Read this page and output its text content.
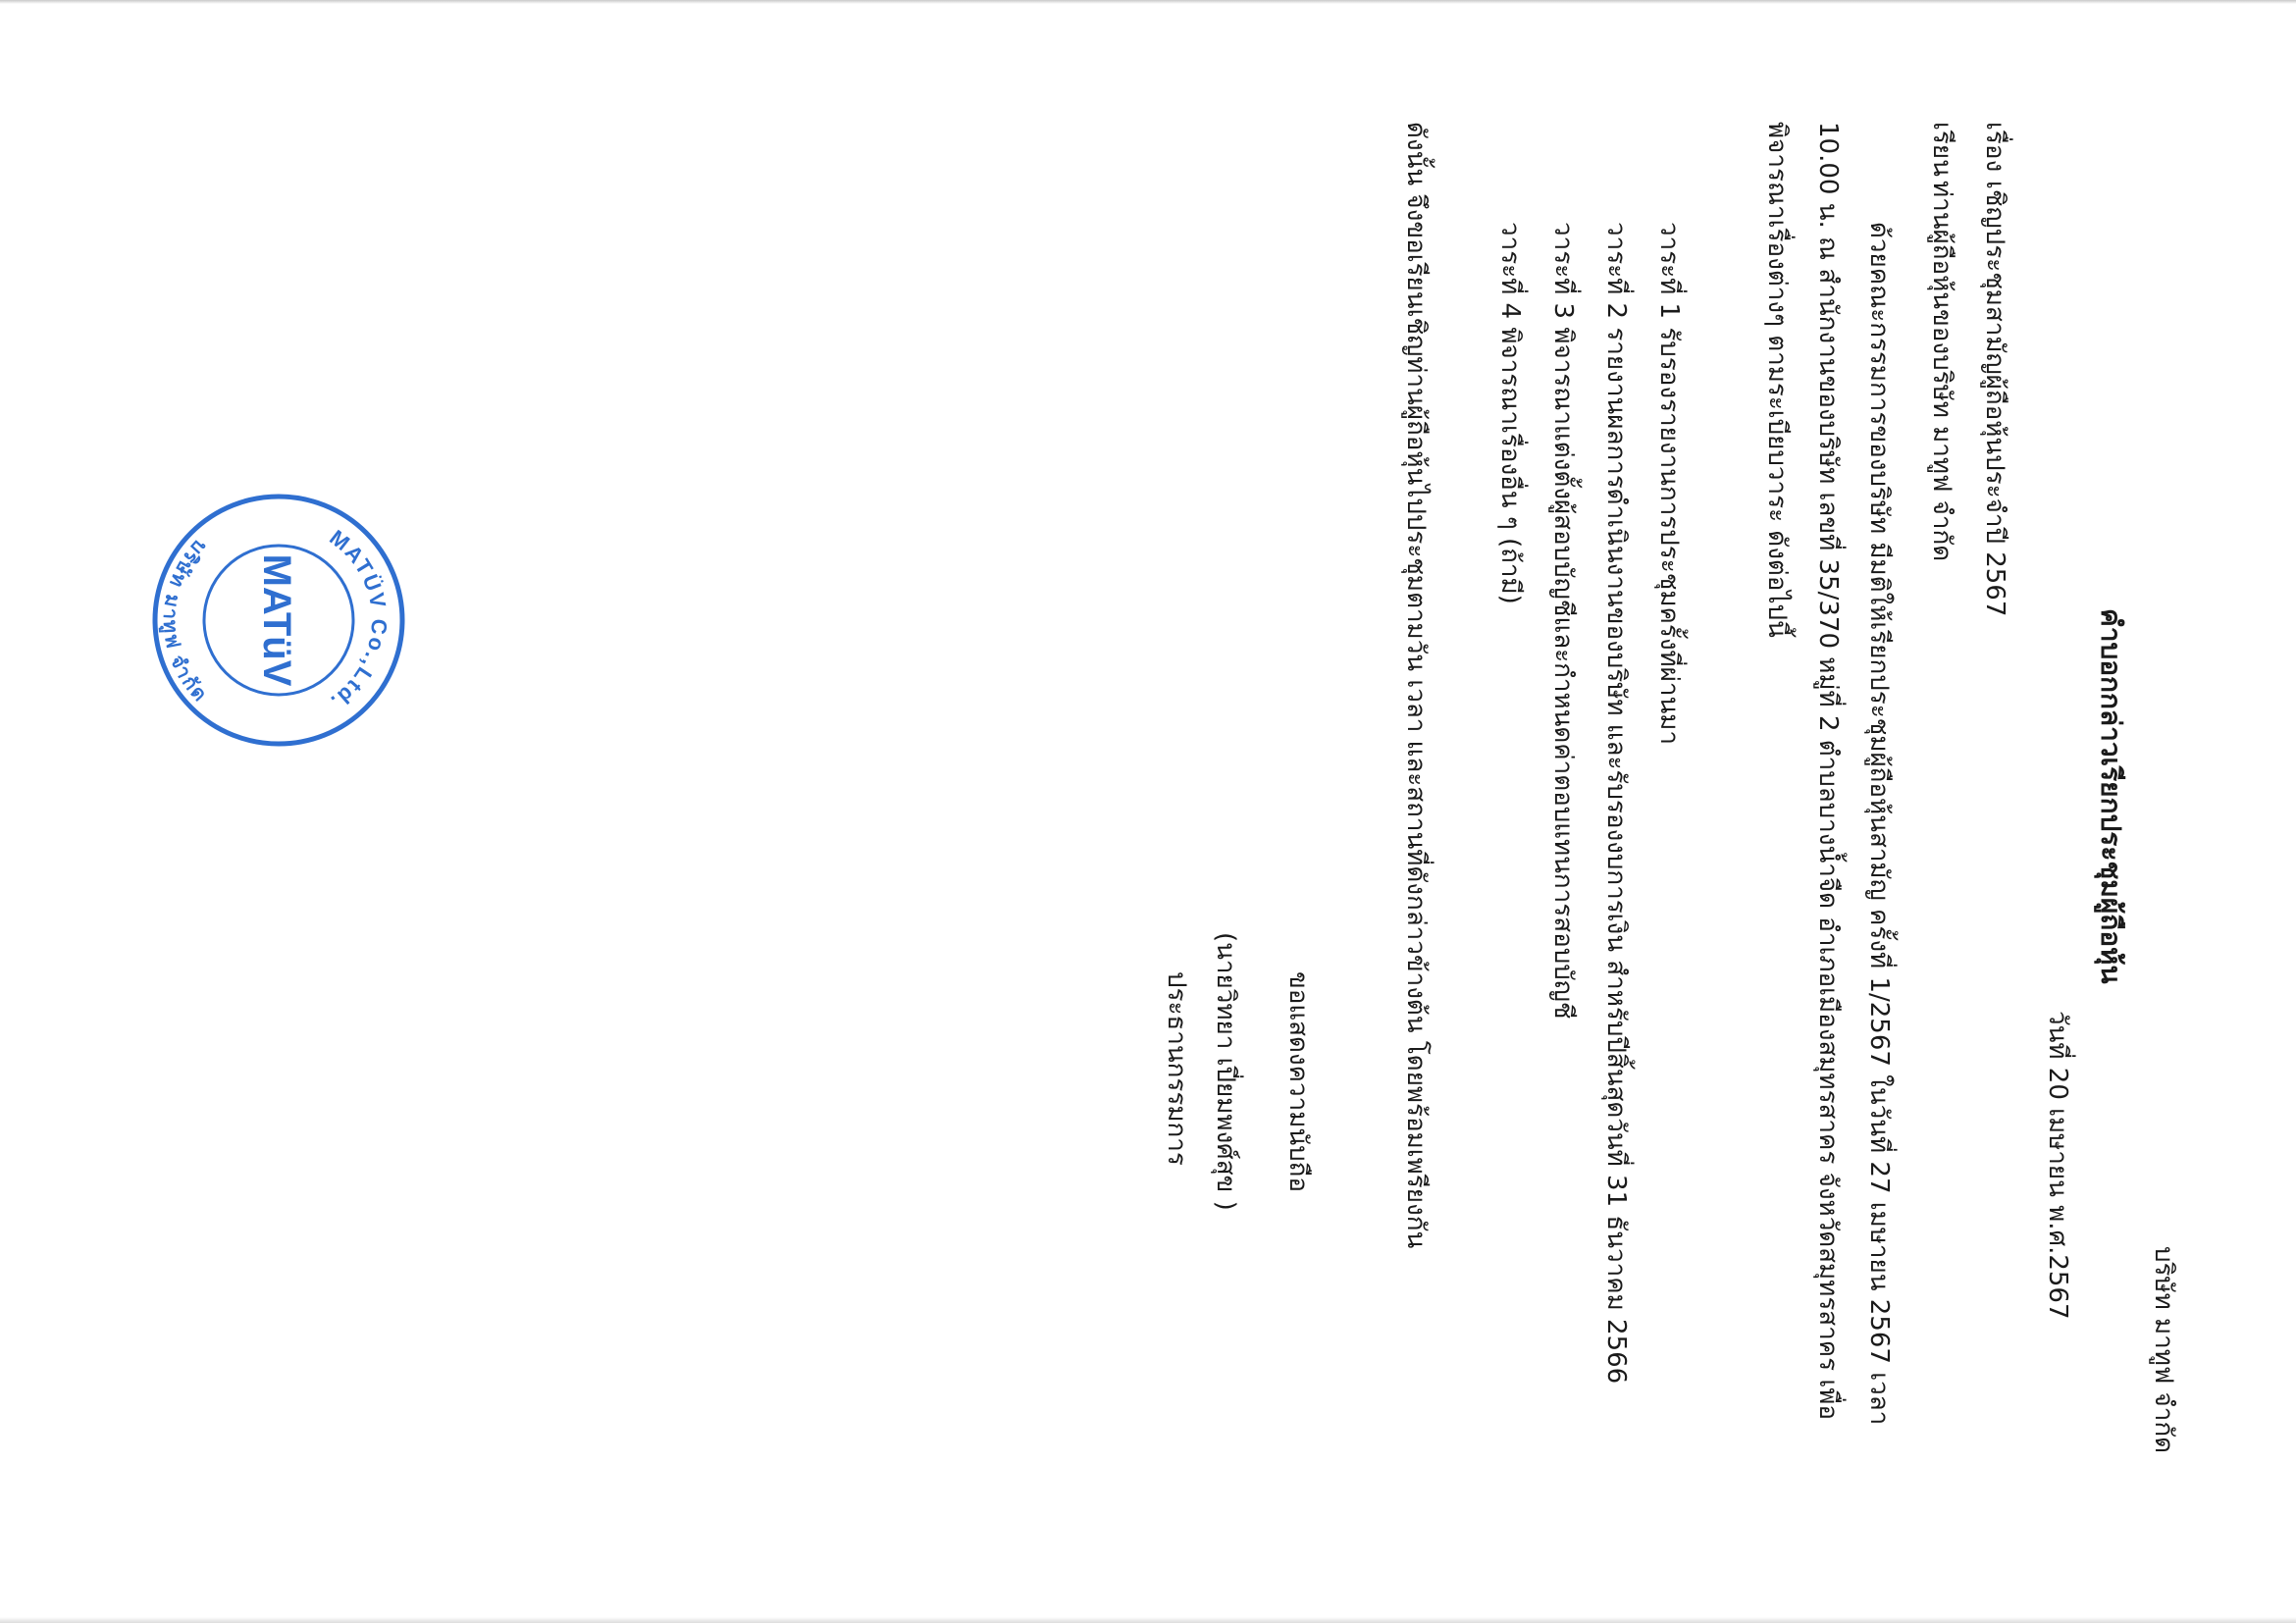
บริษัท มาทูฟ จำกัด
คำบอกกล่าวเรียกประชุมผู้ถือหุ้น
วันที่ 20 เมษายน พ.ศ.2567
เรื่องเชิญประชุมสามัญผู้ถือหุ้นประจำปี 2567
เรียนท่านผู้ถือหุ้นของบริษัท มาทูฟ จำกัด
ด้วยคณะกรรมการของบริษัท มีมติให้เรียกประชุมผู้ถือหุ้นสามัญ ครั้งที่ 1/2567 ในวันที่ 27 เมษายน 2567 เวลา
10.00 น. ณ สำนักงานของบริษัท เลขที่ 35/370 หมู่ที่ 2 ตำบลบางน้ำจืด อำเภอเมืองสมุทรสาคร จังหวัดสมุทรสาคร เพื่อ
พิจารณาเรื่องต่างๆ ตามระเบียบวาระ ดังต่อไปนี้
วาระที่ 1 รับรองรายงานการประชุมครั้งที่ผ่านมา
วาระที่ 2 รายงานผลการดำเนินงานของบริษัท และรับรองงบการเงิน สำหรับปีสิ้นสุดวันที่ 31 ธันวาคม 2566
วาระที่ 3 พิจารณาแต่งตั้งผู้สอบบัญชีและกำหนดค่าตอบแทนการสอบบัญชี
วาระที่ 4 พิจารณาเรื่องอื่น ๆ (ถ้ามี)
ดังนั้น จึงขอเรียนเชิญท่านผู้ถือหุ้นไปประชุมตามวัน เวลา และสถานที่ดังกล่าวข้างต้น โดยพร้อมเพรียงกัน
ขอแสดงความนับถือ
(นายวิทยา เปี่ยมพงศ์สุข )
ประธานกรรมการ
MATÜV Co.,Ltd.
บริษัท มาทูฟ จำกัด
MATüV
